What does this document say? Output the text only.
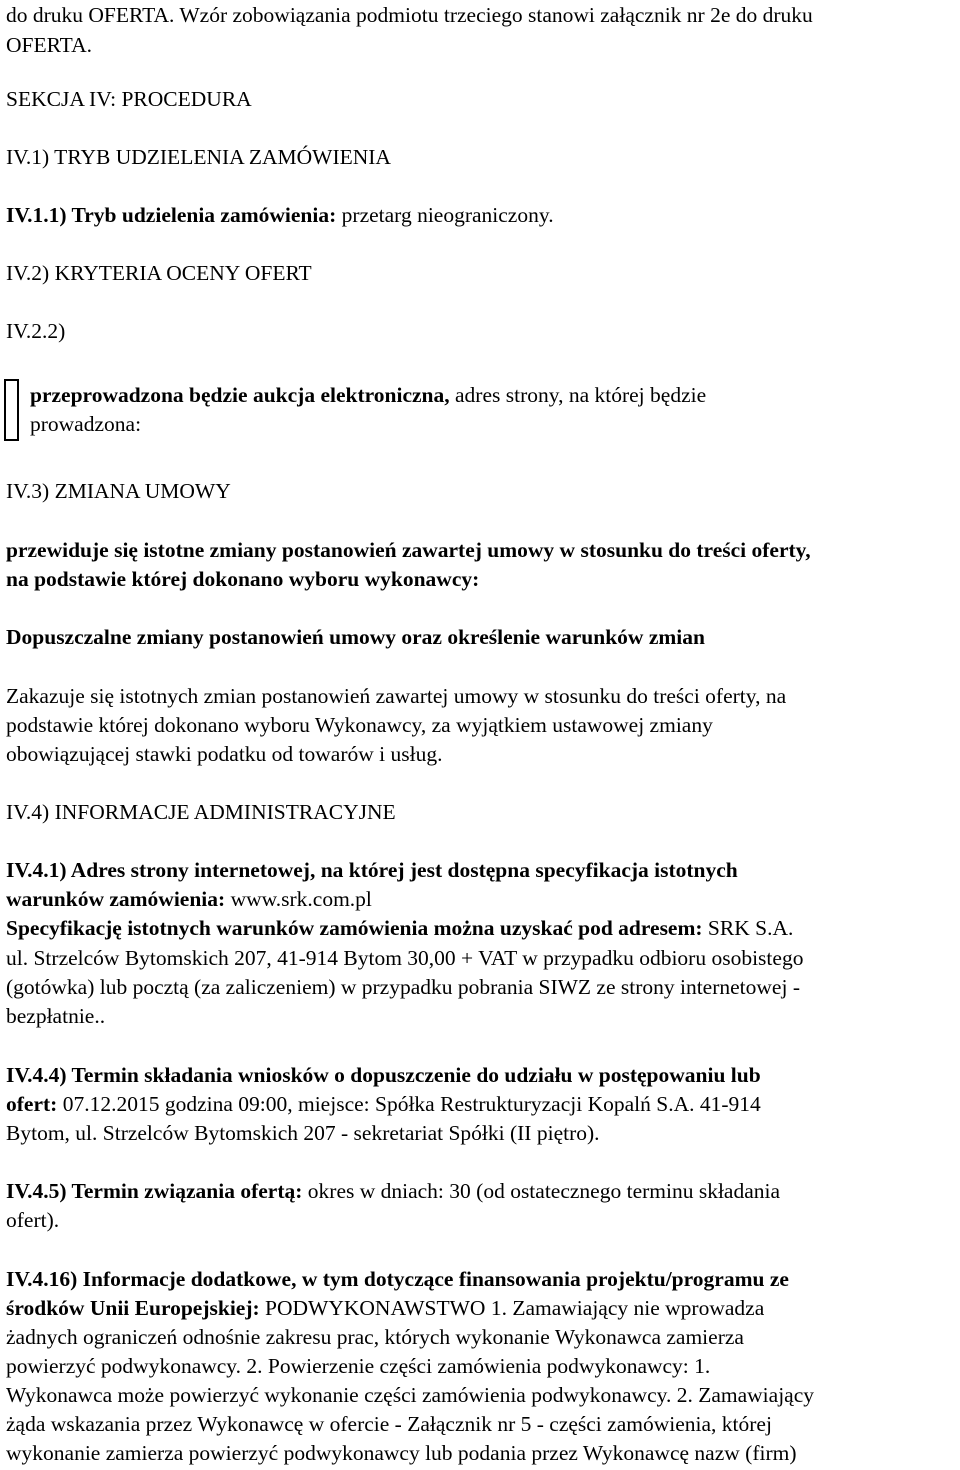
do druku OFERTA. Wzór zobowiązania podmiotu trzeciego stanowi załącznik nr 2e do druku
OFERTA.
SEKCJA IV: PROCEDURA
IV.1) TRYB UDZIELENIA ZAMÓWIENIA
IV.1.1) Tryb udzielenia zamówienia: przetarg nieograniczony.
IV.2) KRYTERIA OCENY OFERT
IV.2.2)
przeprowadzona będzie aukcja elektroniczna, adres strony, na której będzie
prowadzona:
IV.3) ZMIANA UMOWY
przewiduje się istotne zmiany postanowień zawartej umowy w stosunku do treści oferty,
na podstawie której dokonano wyboru wykonawcy:
Dopuszczalne zmiany postanowień umowy oraz określenie warunków zmian
Zakazuje się istotnych zmian postanowień zawartej umowy w stosunku do treści oferty, na
podstawie której dokonano wyboru Wykonawcy, za wyjątkiem ustawowej zmiany
obowiązującej stawki podatku od towarów i usług.
IV.4) INFORMACJE ADMINISTRACYJNE
IV.4.1) Adres strony internetowej, na której jest dostępna specyfikacja istotnych
warunków zamówienia: www.srk.com.pl
Specyfikację istotnych warunków zamówienia można uzyskać pod adresem: SRK S.A.
ul. Strzelców Bytomskich 207, 41-914 Bytom 30,00 + VAT w przypadku odbioru osobistego
(gotówka) lub pocztą (za zaliczeniem) w przypadku pobrania SIWZ ze strony internetowej -
bezpłatnie..
IV.4.4) Termin składania wniosków o dopuszczenie do udziału w postępowaniu lub
ofert: 07.12.2015 godzina 09:00, miejsce: Spółka Restrukturyzacji Kopalń S.A. 41-914
Bytom, ul. Strzelców Bytomskich 207 - sekretariat Spółki (II piętro).
IV.4.5) Termin związania ofertą: okres w dniach: 30 (od ostatecznego terminu składania
ofert).
IV.4.16) Informacje dodatkowe, w tym dotyczące finansowania projektu/programu ze
środków Unii Europejskiej: PODWYKONAWSTWO 1. Zamawiający nie wprowadza
żadnych ograniczeń odnośnie zakresu prac, których wykonanie Wykonawca zamierza
powierzyć podwykonawcy. 2. Powierzenie części zamówienia podwykonawcy: 1.
Wykonawca może powierzyć wykonanie części zamówienia podwykonawcy. 2. Zamawiający
żąda wskazania przez Wykonawcę w ofercie - Załącznik nr 5 - części zamówienia, której
wykonanie zamierza powierzyć podwykonawcy lub podania przez Wykonawcę nazw (firm)
